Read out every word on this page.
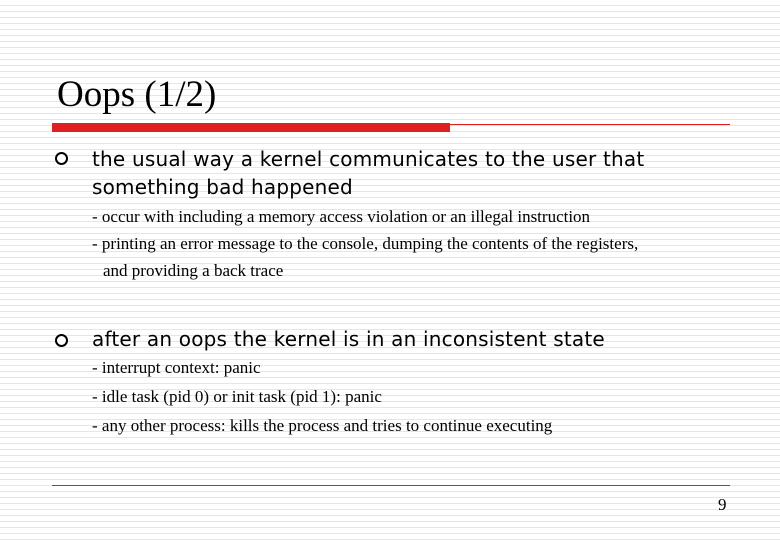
Oops (1/2)
the usual way a kernel communicates to the user that
something bad happened
- occur with including a memory access violation or an illegal instruction
- printing an error message to the console, dumping the contents of the registers,
and providing a back trace
after an oops the kernel is in an inconsistent state
- interrupt context: panic
- idle task (pid 0) or init task (pid 1): panic
- any other process: kills the process and tries to continue executing
9
